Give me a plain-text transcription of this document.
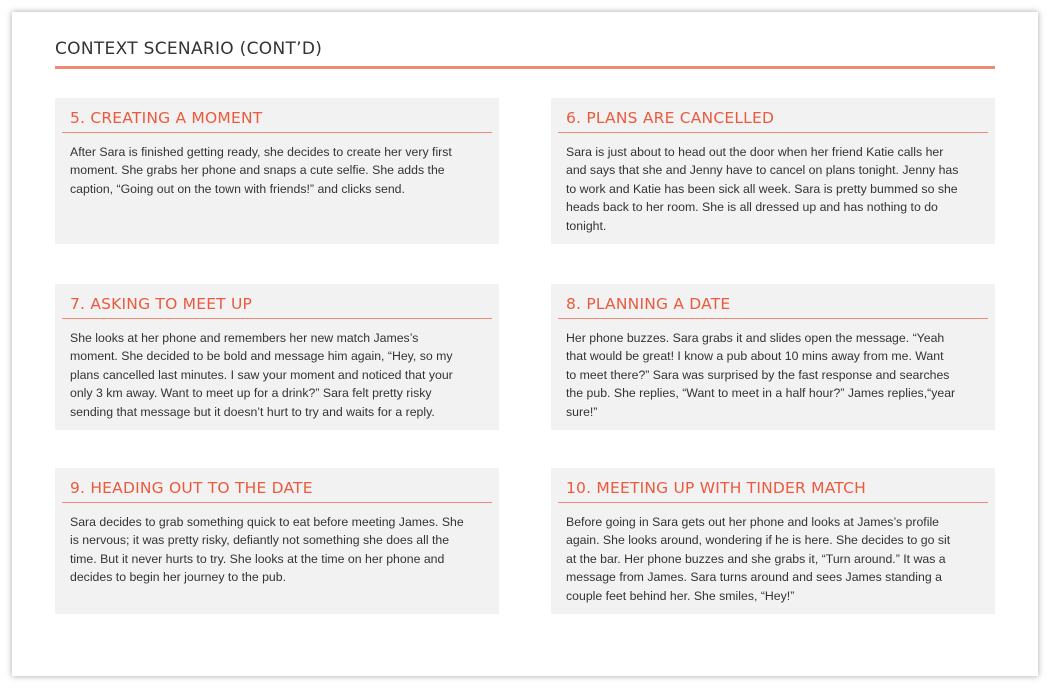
CONTEXT SCENARIO (CONT’D)
5. CREATING A MOMENT
After Sara is finished getting ready, she decides to create her very first
moment. She grabs her phone and snaps a cute selfie. She adds the
caption, “Going out on the town with friends!” and clicks send.
6. PLANS ARE CANCELLED
Sara is just about to head out the door when her friend Katie calls her
and says that she and Jenny have to cancel on plans tonight. Jenny has
to work and Katie has been sick all week. Sara is pretty bummed so she
heads back to her room. She is all dressed up and has nothing to do
tonight.
7. ASKING TO MEET UP
She looks at her phone and remembers her new match James’s
moment. She decided to be bold and message him again, “Hey, so my
plans cancelled last minutes. I saw your moment and noticed that your
only 3 km away. Want to meet up for a drink?” Sara felt pretty risky
sending that message but it doesn’t hurt to try and waits for a reply.
8. PLANNING A DATE
Her phone buzzes. Sara grabs it and slides open the message. “Yeah
that would be great! I know a pub about 10 mins away from me. Want
to meet there?” Sara was surprised by the fast response and searches
the pub. She replies, “Want to meet in a half hour?” James replies,“year
sure!”
9. HEADING OUT TO THE DATE
Sara decides to grab something quick to eat before meeting James. She
is nervous; it was pretty risky, defiantly not something she does all the
time. But it never hurts to try. She looks at the time on her phone and
decides to begin her journey to the pub.
10. MEETING UP WITH TINDER MATCH
Before going in Sara gets out her phone and looks at James’s profile
again. She looks around, wondering if he is here. She decides to go sit
at the bar. Her phone buzzes and she grabs it, “Turn around.” It was a
message from James. Sara turns around and sees James standing a
couple feet behind her. She smiles, “Hey!”
